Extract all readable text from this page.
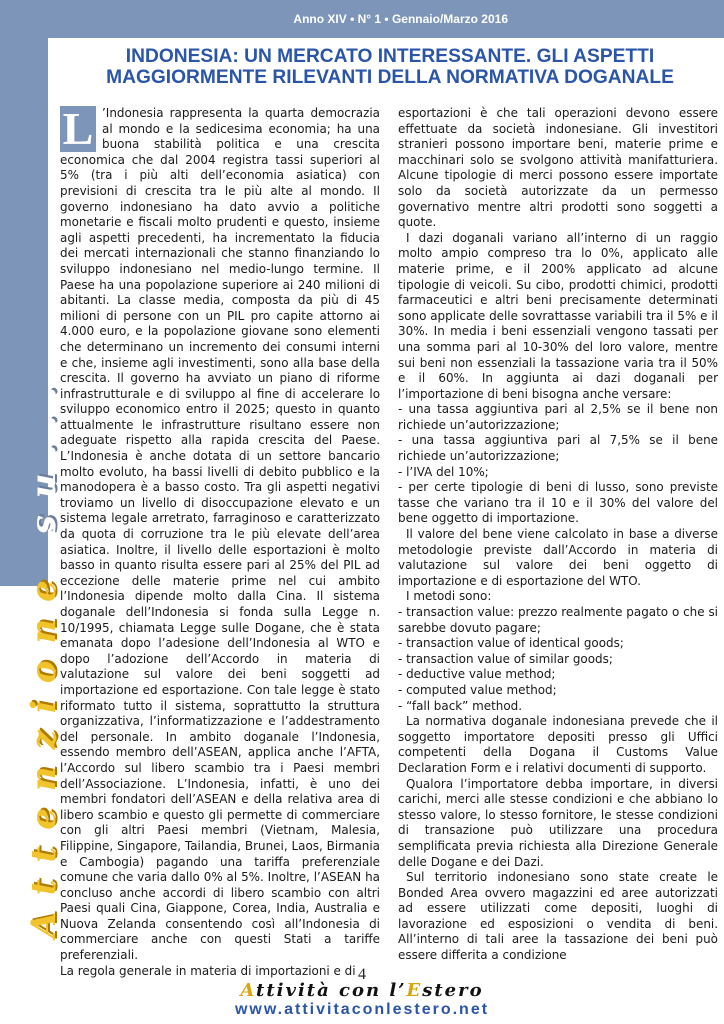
Anno XIV • N° 1 • Gennaio/Marzo 2016
Attenzione su...
INDONESIA: UN MERCATO INTERESSANTE. GLI ASPETTI MAGGIORMENTE RILEVANTI DELLA NORMATIVA DOGANALE

L ’Indonesia rappresenta la quarta democrazia al mondo e la sedicesima economia; ha una buona stabilità politica e una crescita economica che dal 2004 registra tassi superiori al 5% (tra i più alti dell’economia asiatica) con previsioni di crescita tra le più alte al mondo. Il governo indonesiano ha dato avvio a politiche monetarie e fiscali molto prudenti e questo, insieme agli aspetti precedenti, ha incrementato la fiducia dei mercati internazionali che stanno finanziando lo sviluppo indonesiano nel medio-lungo termine. Il Paese ha una popolazione superiore ai 240 milioni di abitanti. La classe media, composta da più di 45 milioni di persone con un PIL pro capite attorno ai 4.000 euro, e la popolazione giovane sono elementi che determinano un incremento dei consumi interni e che, insieme agli investimenti, sono alla base della crescita. Il governo ha avviato un piano di riforme infrastrutturale e di sviluppo al fine di accelerare lo sviluppo economico entro il 2025; questo in quanto attualmente le infrastrutture risultano essere non adeguate rispetto alla rapida crescita del Paese. L’Indonesia è anche dotata di un settore bancario molto evoluto, ha bassi livelli di debito pubblico e la manodopera è a basso costo. Tra gli aspetti negativi troviamo un livello di disoccupazione elevato e un sistema legale arretrato, farraginoso e caratterizzato da quota di corruzione tra le più elevate dell’area asiatica. Inoltre, il livello delle esportazioni è molto basso in quanto risulta essere pari al 25% del PIL ad eccezione delle materie prime nel cui ambito l’Indonesia dipende molto dalla Cina. Il sistema doganale dell’Indonesia si fonda sulla Legge n. 10/1995, chiamata Legge sulle Dogane, che è stata emanata dopo l’adesione dell’Indonesia al WTO e dopo l’adozione dell’Accordo in materia di valutazione sul valore dei beni soggetti ad importazione ed esportazione. Con tale legge è stato riformato tutto il sistema, soprattutto la struttura organizzativa, l’informatizzazione e l’addestramento del personale. In ambito doganale l’Indonesia, essendo membro dell’ASEAN, applica anche l’AFTA, l’Accordo sul libero scambio tra i Paesi membri dell’Associazione. L’Indonesia, infatti, è uno dei membri fondatori dell’ASEAN e della relativa area di libero scambio e questo gli permette di commerciare con gli altri Paesi membri (Vietnam, Malesia, Filippine, Singapore, Tailandia, Brunei, Laos, Birmania e Cambogia) pagando una tariffa preferenziale comune che varia dallo 0% al 5%. Inoltre, l’ASEAN ha concluso anche accordi di libero scambio con altri Paesi quali Cina, Giappone, Corea, India, Australia e Nuova Zelanda consentendo così all’Indonesia di commerciare anche con questi Stati a tariffe preferenziali.

La regola generale in materia di importazioni e di

esportazioni è che tali operazioni devono essere effettuate da società indonesiane. Gli investitori stranieri possono importare beni, materie prime e macchinari solo se svolgono attività manifatturiera. Alcune tipologie di merci possono essere importate solo da società autorizzate da un permesso governativo mentre altri prodotti sono soggetti a quote.

I dazi doganali variano all’interno di un raggio molto ampio compreso tra lo 0%, applicato alle materie prime, e il 200% applicato ad alcune tipologie di veicoli. Su cibo, prodotti chimici, prodotti farmaceutici e altri beni precisamente determinati sono applicate delle sovrattasse variabili tra il 5% e il 30%. In media i beni essenziali vengono tassati per una somma pari al 10-30% del loro valore, mentre sui beni non essenziali la tassazione varia tra il 50% e il 60%. In aggiunta ai dazi doganali per l’importazione di beni bisogna anche versare:

- una tassa aggiuntiva pari al 2,5% se il bene non richiede un’autorizzazione;

- una tassa aggiuntiva pari al 7,5% se il bene richiede un’autorizzazione;

- l’IVA del 10%;

- per certe tipologie di beni di lusso, sono previste tasse che variano tra il 10 e il 30% del valore del bene oggetto di importazione.

Il valore del bene viene calcolato in base a diverse metodologie previste dall’Accordo in materia di valutazione sul valore dei beni oggetto di importazione e di esportazione del WTO.

I metodi sono:

- transaction value: prezzo realmente pagato o che si sarebbe dovuto pagare;

- transaction value of identical goods;

- transaction value of similar goods;

- deductive value method;

- computed value method;

- “fall back” method.

La normativa doganale indonesiana prevede che il soggetto importatore depositi presso gli Uffici competenti della Dogana il Customs Value Declaration Form e i relativi documenti di supporto.

Qualora l’importatore debba importare, in diversi carichi, merci alle stesse condizioni e che abbiano lo stesso valore, lo stesso fornitore, le stesse condizioni di transazione può utilizzare una procedura semplificata previa richiesta alla Direzione Generale delle Dogane e dei Dazi.

Sul territorio indonesiano sono state create le Bonded Area ovvero magazzini ed aree autorizzati ad essere utilizzati come depositi, luoghi di lavorazione ed esposizioni o vendita di beni. All’interno di tali aree la tassazione dei beni può essere differita a condizione

4
Attività con l’Estero
www.attivitaconlestero.net
